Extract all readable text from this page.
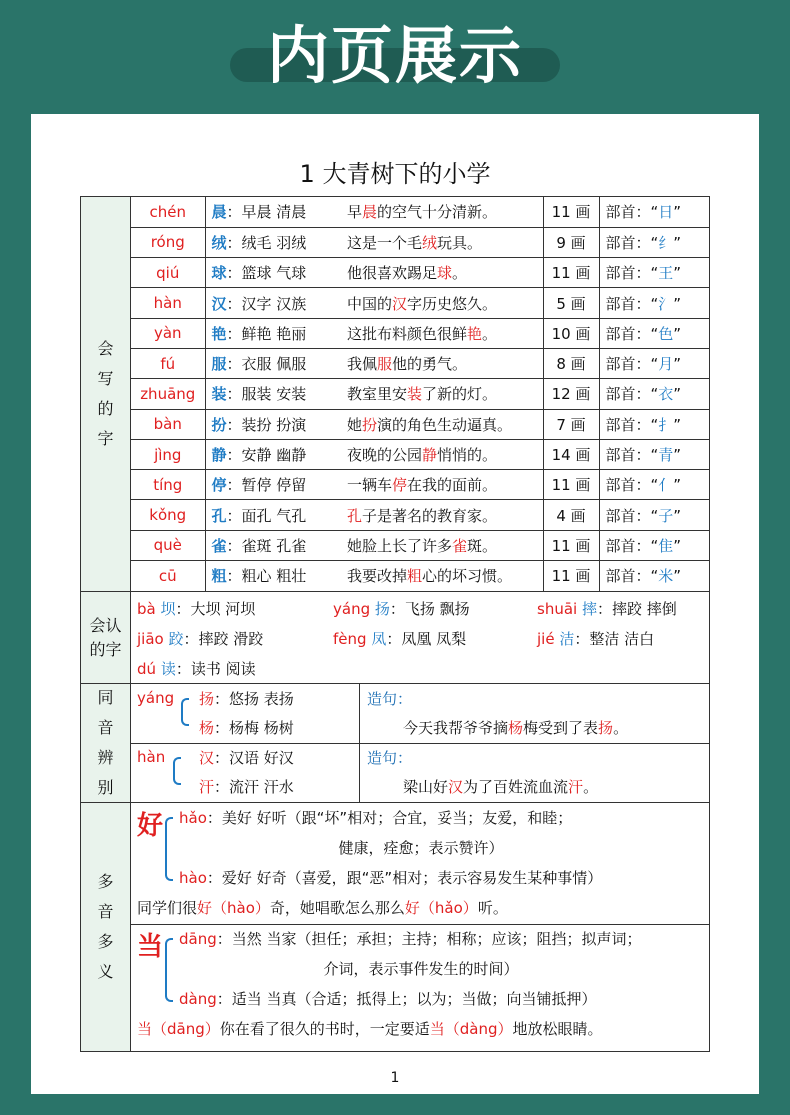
内页展示
1 大青树下的小学
会写的字
chén	晨：早晨 清晨	早晨的空气十分清新。	11 画	部首：“日”
róng	绒：绒毛 羽绒	这是一个毛绒玩具。	9 画	部首：“纟”
qiú	球：篮球 气球	他很喜欢踢足球。	11 画	部首：“王”
hàn	汉：汉字 汉族	中国的汉字历史悠久。	5 画	部首：“氵”
yàn	艳：鲜艳 艳丽	这批布料颜色很鲜艳。	10 画	部首：“色”
fú	服：衣服 佩服	我佩服他的勇气。	8 画	部首：“月”
zhuāng	装：服装 安装	教室里安装了新的灯。	12 画	部首：“衣”
bàn	扮：装扮 扮演	她扮演的角色生动逼真。	7 画	部首：“扌”
jìng	静：安静 幽静	夜晚的公园静悄悄的。	14 画	部首：“青”
tíng	停：暂停 停留	一辆车停在我的面前。	11 画	部首：“亻”
kǒng	孔：面孔 气孔	孔子是著名的教育家。	4 画	部首：“子”
què	雀：雀斑 孔雀	她脸上长了许多雀斑。	11 画	部首：“隹”
cū	粗：粗心 粗壮	我要改掉粗心的坏习惯。	11 画	部首：“米”
会认的字
bà 坝：大坝 河坝	yáng 扬：飞扬 飘扬	shuāi 摔：摔跤 摔倒
jiāo 跤：摔跤 滑跤	fèng 凤：凤凰 凤梨	jié 洁：整洁 洁白
dú 读：读书 阅读
同音辨别
yáng 扬：悠扬 表扬
杨：杨梅 杨树
造句：
今天我帮爷爷摘杨梅受到了表扬。
hàn 汉：汉语 好汉
汗：流汗 汗水
造句：
梁山好汉为了百姓流血流汗。
多音多义
好 hǎo：美好 好听（跟“坏”相对；合宜，妥当；友爱，和睦；
健康，痊愈；表示赞许）
hào：爱好 好奇（喜爱，跟“恶”相对；表示容易发生某种事情）
同学们很好（hào）奇，她唱歌怎么那么好（hǎo）听。
当 dāng：当然 当家（担任；承担；主持；相称；应该；阻挡；拟声词；
介词，表示事件发生的时间）
dàng：适当 当真（合适；抵得上；以为；当做；向当铺抵押）
当（dāng）你在看了很久的书时，一定要适当（dàng）地放松眼睛。
1
